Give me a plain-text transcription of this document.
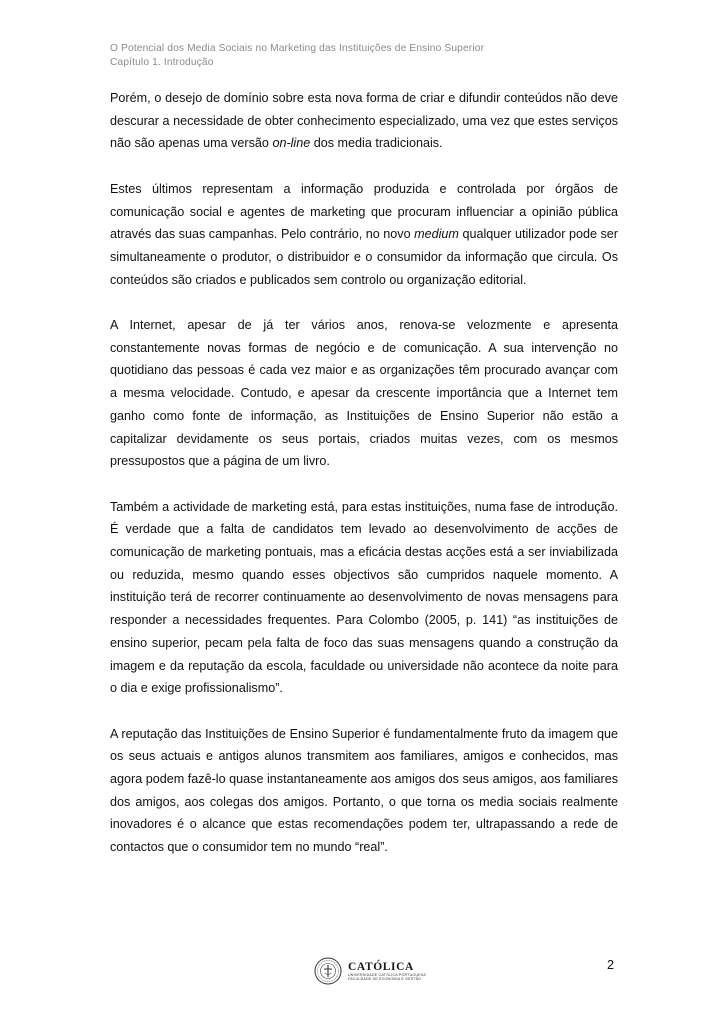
O Potencial dos Media Sociais no Marketing das Instituições de Ensino Superior
Capítulo 1. Introdução

Porém, o desejo de domínio sobre esta nova forma de criar e difundir conteúdos não deve descurar a necessidade de obter conhecimento especializado, uma vez que estes serviços não são apenas uma versão on-line dos media tradicionais.

Estes últimos representam a informação produzida e controlada por órgãos de comunicação social e agentes de marketing que procuram influenciar a opinião pública através das suas campanhas. Pelo contrário, no novo medium qualquer utilizador pode ser simultaneamente o produtor, o distribuidor e o consumidor da informação que circula. Os conteúdos são criados e publicados sem controlo ou organização editorial.

A Internet, apesar de já ter vários anos, renova-se velozmente e apresenta constantemente novas formas de negócio e de comunicação. A sua intervenção no quotidiano das pessoas é cada vez maior e as organizações têm procurado avançar com a mesma velocidade. Contudo, e apesar da crescente importância que a Internet tem ganho como fonte de informação, as Instituições de Ensino Superior não estão a capitalizar devidamente os seus portais, criados muitas vezes, com os mesmos pressupostos que a página de um livro.

Também a actividade de marketing está, para estas instituições, numa fase de introdução. É verdade que a falta de candidatos tem levado ao desenvolvimento de acções de comunicação de marketing pontuais, mas a eficácia destas acções está a ser inviabilizada ou reduzida, mesmo quando esses objectivos são cumpridos naquele momento. A instituição terá de recorrer continuamente ao desenvolvimento de novas mensagens para responder a necessidades frequentes. Para Colombo (2005, p. 141) “as instituições de ensino superior, pecam pela falta de foco das suas mensagens quando a construção da imagem e da reputação da escola, faculdade ou universidade não acontece da noite para o dia e exige profissionalismo”.

A reputação das Instituições de Ensino Superior é fundamentalmente fruto da imagem que os seus actuais e antigos alunos transmitem aos familiares, amigos e conhecidos, mas agora podem fazê-lo quase instantaneamente aos amigos dos seus amigos, aos familiares dos amigos, aos colegas dos amigos. Portanto, o que torna os media sociais realmente inovadores é o alcance que estas recomendações podem ter, ultrapassando a rede de contactos que o consumidor tem no mundo “real”.

CATÓLICA
UNIVERSIDADE CATÓLICA PORTUGUESA
FACULDADE DE ECONOMIA E GESTÃO
2
